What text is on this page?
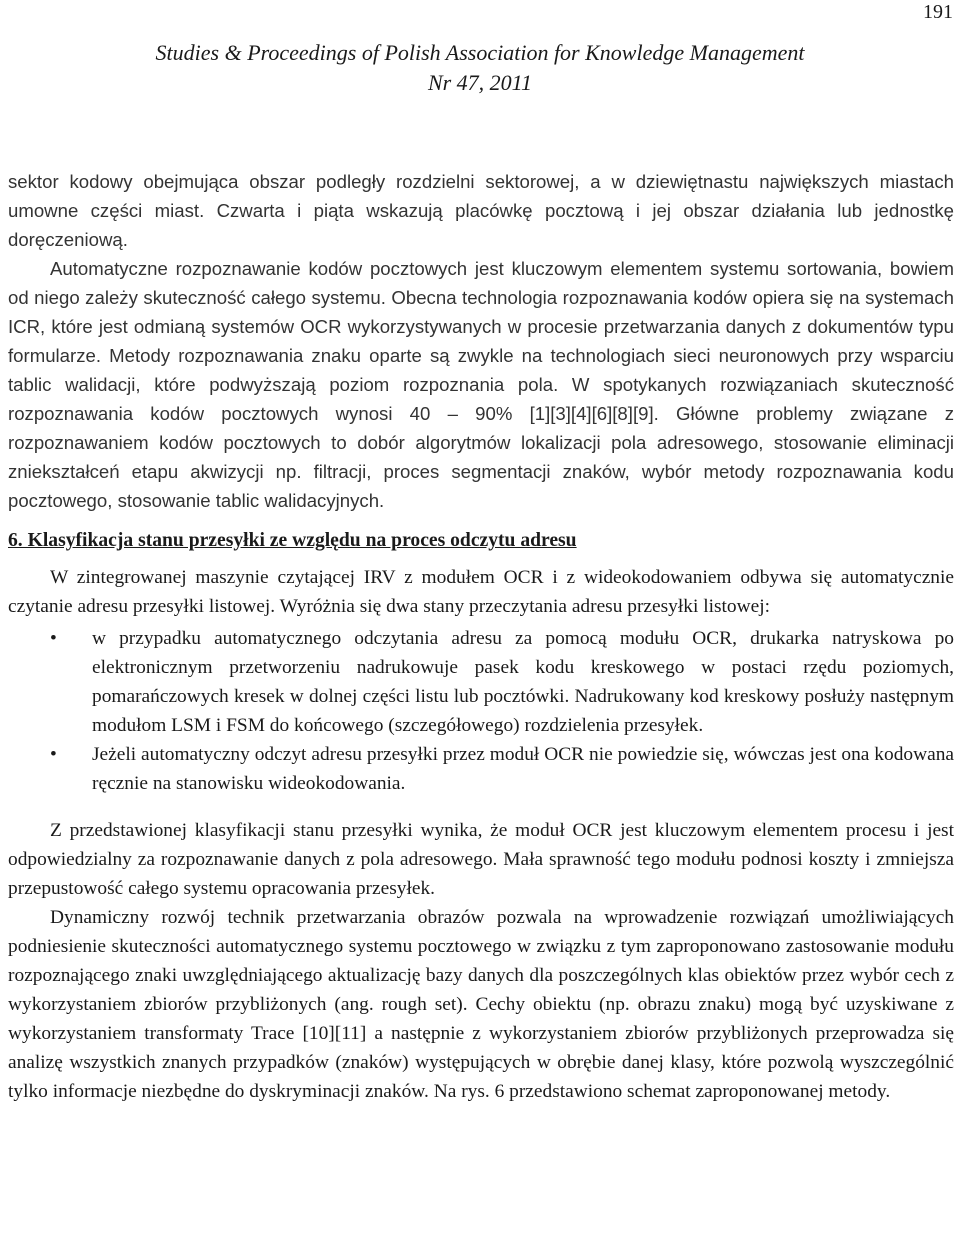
191
Studies & Proceedings of Polish Association for Knowledge Management
Nr 47, 2011

sektor kodowy obejmująca obszar podległy rozdzielni sektorowej, a w dziewiętnastu największych miastach umowne części miast. Czwarta i piąta wskazują placówkę pocztową i jej obszar działania lub jednostkę doręczeniową.

Automatyczne rozpoznawanie kodów pocztowych jest kluczowym elementem systemu sortowania, bowiem od niego zależy skuteczność całego systemu. Obecna technologia rozpoznawania kodów opiera się na systemach ICR, które jest odmianą systemów OCR wykorzystywanych w procesie przetwarzania danych z dokumentów typu formularze. Metody rozpoznawania znaku oparte są zwykle na technologiach sieci neuronowych przy wsparciu tablic walidacji, które podwyższają poziom rozpoznania pola. W spotykanych rozwiązaniach skuteczność rozpoznawania kodów pocztowych wynosi 40 – 90% [1][3][4][6][8][9]. Główne problemy związane z rozpoznawaniem kodów pocztowych to dobór algorytmów lokalizacji pola adresowego, stosowanie eliminacji zniekształceń etapu akwizycji np. filtracji, proces segmentacji znaków, wybór metody rozpoznawania kodu pocztowego, stosowanie tablic walidacyjnych.

6. Klasyfikacja stanu przesyłki ze względu na proces odczytu adresu

W zintegrowanej maszynie czytającej IRV z modułem OCR i z wideokodowaniem odbywa się automatycznie czytanie adresu przesyłki listowej. Wyróżnia się dwa stany przeczytania adresu przesyłki listowej:

• w przypadku automatycznego odczytania adresu za pomocą modułu OCR, drukarka natryskowa po elektronicznym przetworzeniu nadrukowuje pasek kodu kreskowego w postaci rzędu poziomych, pomarańczowych kresek w dolnej części listu lub pocztówki. Nadrukowany kod kreskowy posłuży następnym modułom LSM i FSM do końcowego (szczegółowego) rozdzielenia przesyłek.
• Jeżeli automatyczny odczyt adresu przesyłki przez moduł OCR nie powiedzie się, wówczas jest ona kodowana ręcznie na stanowisku wideokodowania.

Z przedstawionej klasyfikacji stanu przesyłki wynika, że moduł OCR jest kluczowym elementem procesu i jest odpowiedzialny za rozpoznawanie danych z pola adresowego. Mała sprawność tego modułu podnosi koszty i zmniejsza przepustowość całego systemu opracowania przesyłek.

Dynamiczny rozwój technik przetwarzania obrazów pozwala na wprowadzenie rozwiązań umożliwiających podniesienie skuteczności automatycznego systemu pocztowego w związku z tym zaproponowano zastosowanie modułu rozpoznającego znaki uwzględniającego aktualizację bazy danych dla poszczególnych klas obiektów przez wybór cech z wykorzystaniem zbiorów przybliżonych (ang. rough set). Cechy obiektu (np. obrazu znaku) mogą być uzyskiwane z wykorzystaniem transformaty Trace [10][11] a następnie z wykorzystaniem zbiorów przybliżonych przeprowadza się analizę wszystkich znanych przypadków (znaków) występujących w obrębie danej klasy, które pozwolą wyszczególnić tylko informacje niezbędne do dyskryminacji znaków. Na rys. 6 przedstawiono schemat zaproponowanej metody.
